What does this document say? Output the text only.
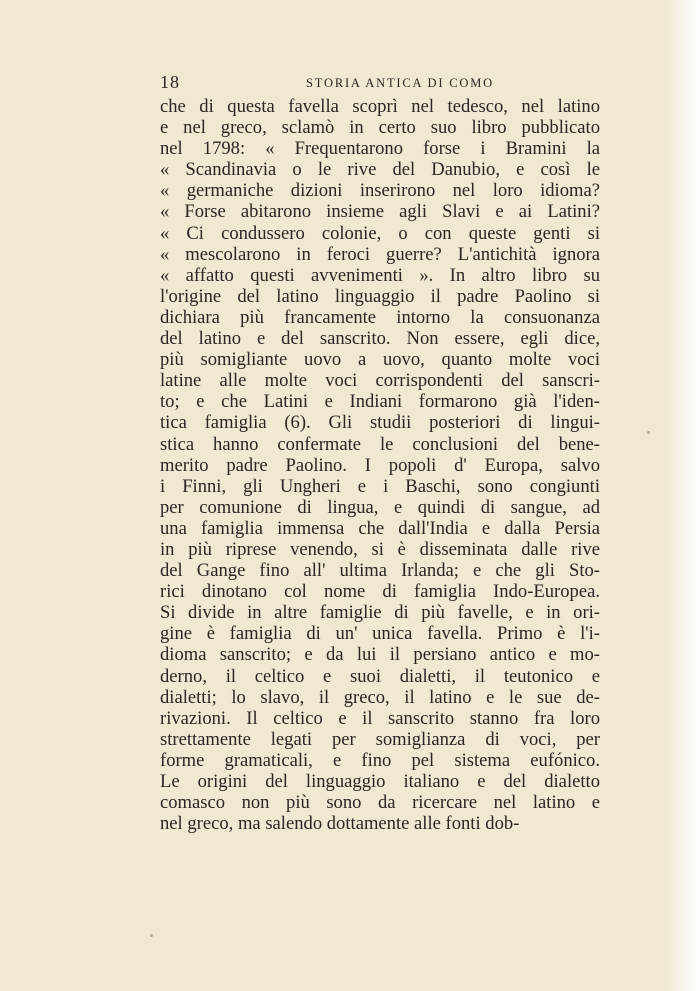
18	STORIA ANTICA DI COMO
che di questa favella scoprì nel tedesco, nel latino
e nel greco, sclamò in certo suo libro pubblicato
nel 1798: « Frequentarono forse i Bramini la
« Scandinavia o le rive del Danubio, e così le
« germaniche dizioni inserirono nel loro idioma?
« Forse abitarono insieme agli Slavi e ai Latini?
« Ci condussero colonie, o con queste genti si
« mescolarono in feroci guerre? L'antichità ignora
« affatto questi avvenimenti ». In altro libro su
l'origine del latino linguaggio il padre Paolino si
dichiara più francamente intorno la consuonanza
del latino e del sanscrito. Non essere, egli dice,
più somigliante uovo a uovo, quanto molte voci
latine alle molte voci corrispondenti del sanscri-
to; e che Latini e Indiani formarono già l'iden-
tica famiglia (6). Gli studii posteriori di lingui-
stica hanno confermate le conclusioni del bene-
merito padre Paolino. I popoli d' Europa, salvo
i Finni, gli Ungheri e i Baschi, sono congiunti
per comunione di lingua, e quindi di sangue, ad
una famiglia immensa che dall'India e dalla Persia
in più riprese venendo, si è disseminata dalle rive
del Gange fino all' ultima Irlanda; e che gli Sto-
rici dinotano col nome di famiglia Indo-Europea.
Si divide in altre famiglie di più favelle, e in ori-
gine è famiglia di un' unica favella. Primo è l'i-
dioma sanscrito; e da lui il persiano antico e mo-
derno, il celtico e suoi dialetti, il teutonico e
dialetti; lo slavo, il greco, il latino e le sue de-
rivazioni. Il celtico e il sanscrito stanno fra loro
strettamente legati per somiglianza di voci, per
forme gramaticali, e fino pel sistema eufónico.
Le origini del linguaggio italiano e del dialetto
comasco non più sono da ricercare nel latino e
nel greco, ma salendo dottamente alle fonti dob-
